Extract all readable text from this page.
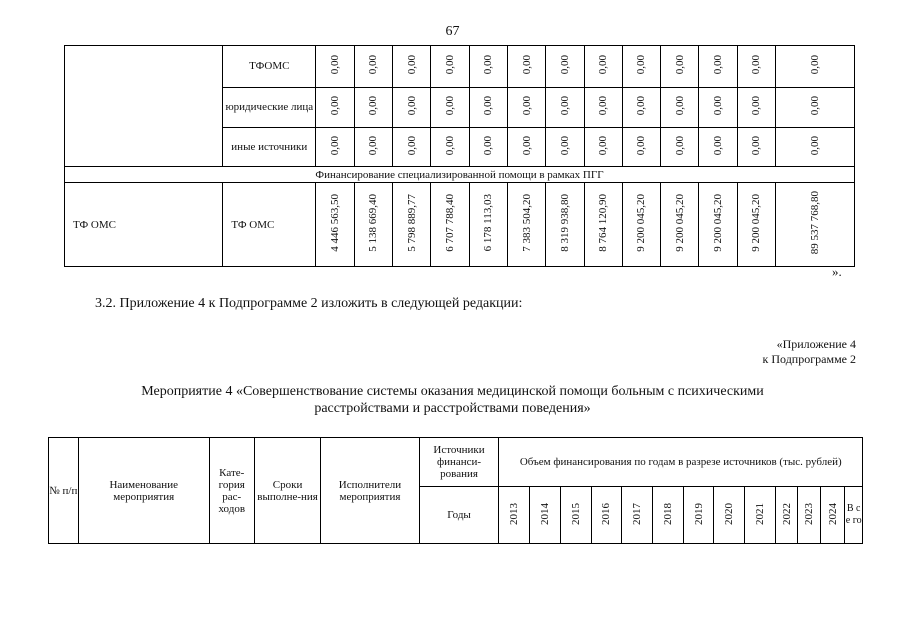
67
	ТФОМС	0,00	0,00	0,00	0,00	0,00	0,00	0,00	0,00	0,00	0,00	0,00	0,00	0,00
	юридические лица	0,00	0,00	0,00	0,00	0,00	0,00	0,00	0,00	0,00	0,00	0,00	0,00	0,00
	иные источники	0,00	0,00	0,00	0,00	0,00	0,00	0,00	0,00	0,00	0,00	0,00	0,00	0,00
Финансирование специализированной помощи в рамках ПГГ														
ТФ ОМС	ТФ ОМС	4 446 563,50	5 138 669,40	5 798 889,77	6 707 788,40	6 178 113,03	7 383 504,20	8 319 938,80	8 764 120,90	9 200 045,20	9 200 045,20	9 200 045,20	9 200 045,20	89 537 768,80
».
3.2. Приложение 4 к Подпрограмме 2 изложить в следующей редакции:
«Приложение 4
к Подпрограмме 2
Мероприятие 4 «Совершенствование системы оказания медицинской помощи больным с психическими
расстройствами и расстройствами поведения»
№ п/п	Наименование мероприятия	Кате-гория рас-ходов	Сроки выполне-ния	Исполнители мероприятия	Источники финанси-рования	Объем финансирования по годам в разрезе источников (тыс. рублей)												
					Годы	2013	2014	2015	2016	2017	2018	2019	2020	2021	2022	2023	2024	В се го
